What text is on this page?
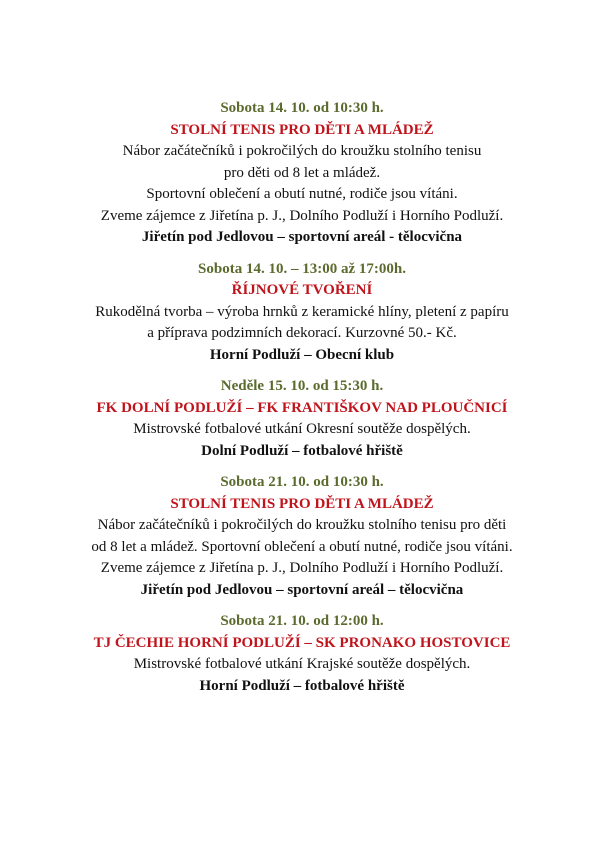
Sobota 14. 10. od 10:30 h.
STOLNÍ TENIS PRO DĚTI A MLÁDEŽ
Nábor začátečníků i pokročilých do kroužku stolního tenisu
pro děti od 8 let a mládež.
Sportovní oblečení a obutí nutné, rodiče jsou vítáni.
Zveme zájemce z Jiřetína p. J., Dolního Podluží i Horního Podluží.
Jiřetín pod Jedlovou – sportovní areál - tělocvična
Sobota 14. 10. – 13:00 až 17:00h.
ŘÍJNOVÉ TVOŘENÍ
Rukodělná tvorba – výroba hrnků z keramické hlíny, pletení z papíru
a příprava podzimních dekorací. Kurzovné 50.- Kč.
Horní Podluží – Obecní klub
Neděle 15. 10. od 15:30 h.
FK DOLNÍ PODLUŽÍ – FK FRANTIŠKOV NAD PLOUČNICÍ
Mistrovské fotbalové utkání Okresní soutěže dospělých.
Dolní Podluží – fotbalové hřiště
Sobota 21. 10. od 10:30 h.
STOLNÍ TENIS PRO DĚTI A MLÁDEŽ
Nábor začátečníků i pokročilých do kroužku stolního tenisu pro děti
od 8 let a mládež. Sportovní oblečení a obutí nutné, rodiče jsou vítáni.
Zveme zájemce z Jiřetína p. J., Dolního Podluží i Horního Podluží.
Jiřetín pod Jedlovou – sportovní areál – tělocvična
Sobota 21. 10. od 12:00 h.
TJ ČECHIE HORNÍ PODLUŽÍ – SK PRONAKO HOSTOVICE
Mistrovské fotbalové utkání Krajské soutěže dospělých.
Horní Podluží – fotbalové hřiště
